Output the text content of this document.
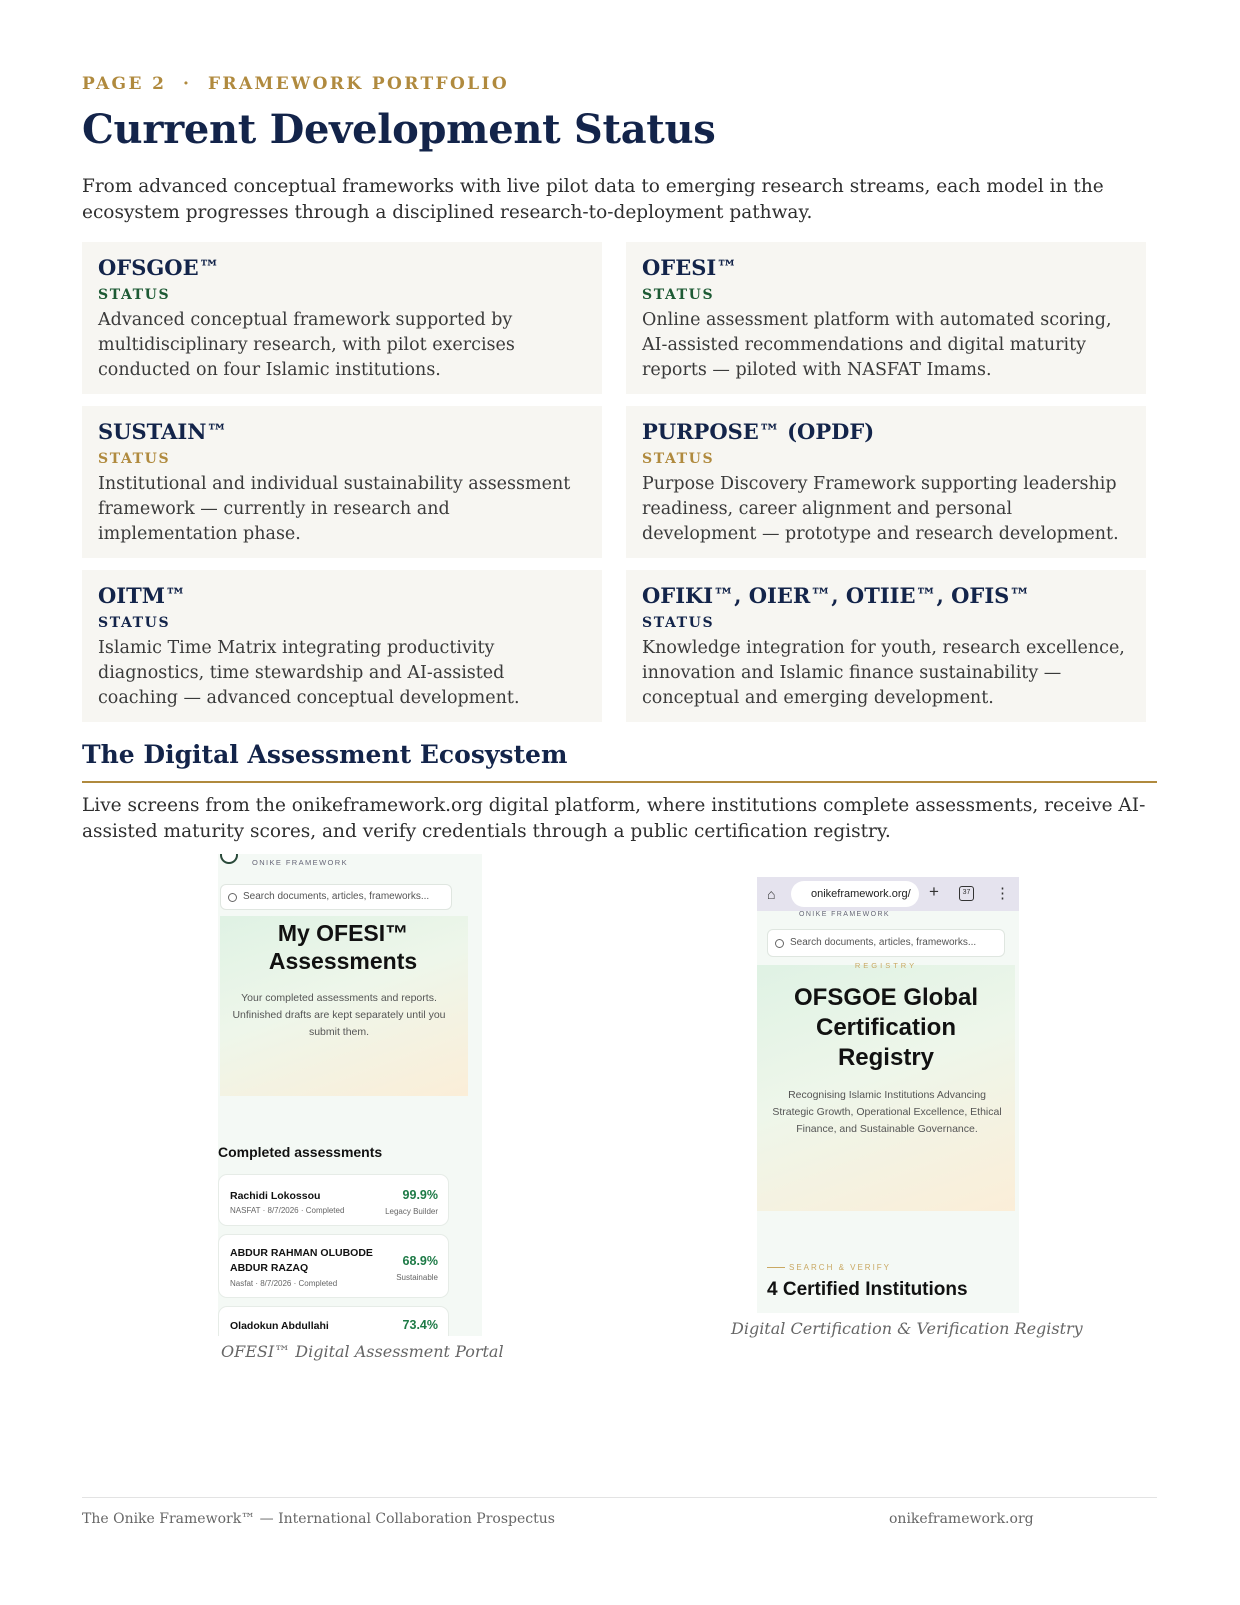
PAGE 2  ·  FRAMEWORK PORTFOLIO
Current Development Status

From advanced conceptual frameworks with live pilot data to emerging research streams, each model in the ecosystem progresses through a disciplined research-to-deployment pathway.

OFSGOE™
STATUS

Advanced conceptual framework supported by multidisciplinary research, with pilot exercises conducted on four Islamic institutions.

OFESI™
STATUS

Online assessment platform with automated scoring, AI-assisted recommendations and digital maturity reports — piloted with NASFAT Imams.

SUSTAIN™
STATUS

Institutional and individual sustainability assessment framework — currently in research and implementation phase.

PURPOSE™ (OPDF)
STATUS

Purpose Discovery Framework supporting leadership readiness, career alignment and personal development — prototype and research development.

OITM™
STATUS

Islamic Time Matrix integrating productivity diagnostics, time stewardship and AI-assisted coaching — advanced conceptual development.

OFIKI™, OIER™, OTIIE™, OFIS™
STATUS

Knowledge integration for youth, research excellence, innovation and Islamic finance sustainability — conceptual and emerging development.

The Digital Assessment Ecosystem

Live screens from the onikeframework.org digital platform, where institutions complete assessments, receive AI-assisted maturity scores, and verify credentials through a public certification registry.

ONIKE FRAMEWORK
Search documents, articles, frameworks...
My OFESI™
Assessments

Your completed assessments and reports. Unfinished drafts are kept separately until you submit them.

Completed assessments
Rachidi Lokossou
NASFAT · 8/7/2026 · Completed
99.9%
Legacy Builder
ABDUR RAHMAN OLUBODE ABDUR RAZAQ
Nasfat · 8/7/2026 · Completed
68.9%
Sustainable
Oladokun Abdullahi	73.4%
OFESI™ Digital Assessment Portal
⌂	onikeframework.org/	+	37 ⋮
ONIKE FRAMEWORK
Search documents, articles, frameworks...
REGISTRY
OFSGOE Global Certification Registry

Recognising Islamic Institutions Advancing Strategic Growth, Operational Excellence, Ethical Finance, and Sustainable Governance.

SEARCH & VERIFY
4 Certified Institutions
Digital Certification & Verification Registry
The Onike Framework™ — International Collaboration Prospectus	onikeframework.org
